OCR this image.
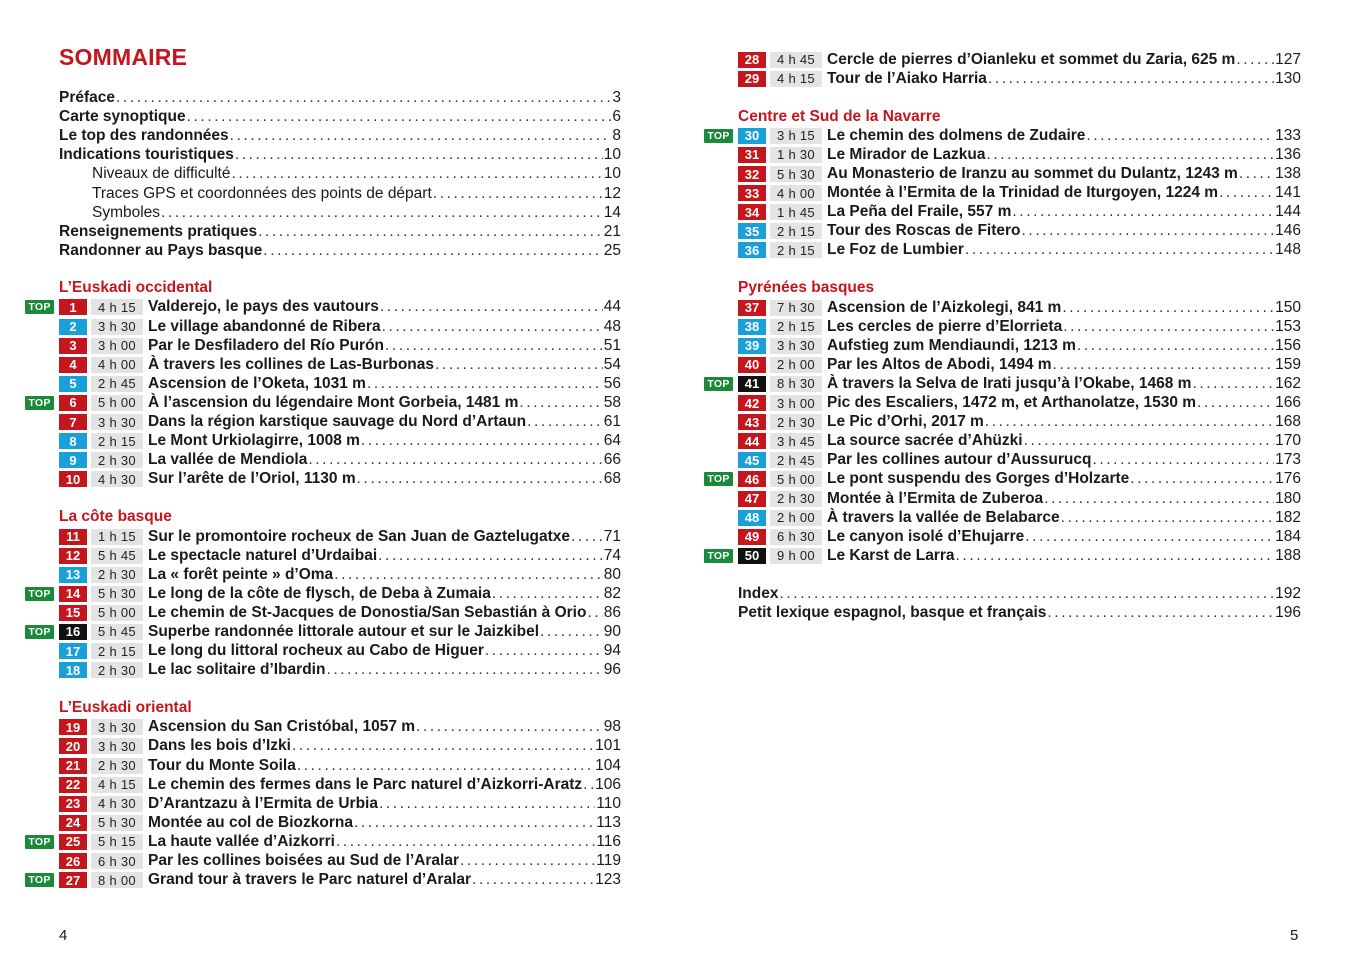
SOMMAIRE
Préface .....	3
Carte synoptique .....	6
Le top des randonnées .....	8
Indications touristiques .....	10
Niveaux de difficulté .....	10
Traces GPS et coordonnées des points de départ .....	12
Symboles .....	14
Renseignements pratiques .....	21
Randonner au Pays basque .....	25
L’Euskadi occidental
TOP	1	4 h 15 Valderejo, le pays des vautours .....	44
2	3 h 30 Le village abandonné de Ribera .....	48
3	3 h 00 Par le Desfiladero del Río Purón .....	51
4	4 h 00 À travers les collines de Las-Burbonas .....	54
5	2 h 45 Ascension de l’Oketa, 1031 m .....	56
TOP	6	5 h 00 À l’ascension du légendaire Mont Gorbeia, 1481 m .....	58
7	3 h 30 Dans la région karstique sauvage du Nord d’Artaun .....	61
8	2 h 15 Le Mont Urkiolagirre, 1008 m .....	64
9	2 h 30 La vallée de Mendiola .....	66
10	4 h 30 Sur l’arête de l’Oriol, 1130 m .....	68
La côte basque
11	1 h 15 Sur le promontoire rocheux de San Juan de Gaztelugatxe ..... 71
12	5 h 45 Le spectacle naturel d’Urdaibai .....	74
13	2 h 30 La « forêt peinte » d’Oma .....	80
TOP	14	5 h 30 Le long de la côte de flysch, de Deba à Zumaia .....	82
15	5 h 00 Le chemin de St-Jacques de Donostia/San Sebastián à Orio ..... 86
TOP	16	5 h 45 Superbe randonnée littorale autour et sur le Jaizkibel .....	90
17	2 h 15 Le long du littoral rocheux au Cabo de Higuer .....	94
18	2 h 30 Le lac solitaire d’Ibardin .....	96
L’Euskadi oriental
19	3 h 30 Ascension du San Cristóbal, 1057 m .....	98
20	3 h 30 Dans les bois d’Izki .....	101
21	2 h 30 Tour du Monte Soila .....	104
22	4 h 15 Le chemin des fermes dans le Parc naturel d’Aizkorri-Aratz ..... 106
23	4 h 30 D’Arantzazu à l’Ermita de Urbia .....	110
24	5 h 30 Montée au col de Biozkorna .....	113
TOP	25	5 h 15 La haute vallée d’Aizkorri .....	116
26	6 h 30 Par les collines boisées au Sud de l’Aralar .....	119
TOP	27	8 h 00 Grand tour à travers le Parc naturel d’Aralar .....	123
4
28	4 h 45 Cercle de pierres d’Oianleku et sommet du Zaria, 625 m .....	127
29	4 h 15 Tour de l’Aiako Harria .....	130
Centre et Sud de la Navarre
TOP	30	3 h 15 Le chemin des dolmens de Zudaire .....	133
31	1 h 30 Le Mirador de Lazkua .....	136
32	5 h 30 Au Monasterio de Iranzu au sommet du Dulantz, 1243 m ..... 138
33	4 h 00 Montée à l’Ermita de la Trinidad de Iturgoyen, 1224 m .....	141
34	1 h 45 La Peña del Fraile, 557 m .....	144
35	2 h 15 Tour des Roscas de Fitero .....	146
36	2 h 15 Le Foz de Lumbier .....	148
Pyrénées basques
37	7 h 30 Ascension de l’Aizkolegi, 841 m .....	150
38	2 h 15 Les cercles de pierre d’Elorrieta .....	153
39	3 h 30 Aufstieg zum Mendiaundi, 1213 m .....	156
40	2 h 00 Par les Altos de Abodi, 1494 m .....	159
TOP	41	8 h 30 À travers la Selva de Irati jusqu’à l’Okabe, 1468 m .....	162
42	3 h 00 Pic des Escaliers, 1472 m, et Arthanolatze, 1530 m .....	166
43	2 h 30 Le Pic d’Orhi, 2017 m .....	168
44	3 h 45 La source sacrée d’Ahüzki .....	170
45	2 h 45 Par les collines autour d’Aussurucq .....	173
TOP	46	5 h 00 Le pont suspendu des Gorges d’Holzarte .....	176
47	2 h 30 Montée à l’Ermita de Zuberoa .....	180
48	2 h 00 À travers la vallée de Belabarce .....	182
49	6 h 30 Le canyon isolé d’Ehujarre .....	184
TOP	50	9 h 00 Le Karst de Larra .....	188
Index .....	192
Petit lexique espagnol, basque et français .....	196
5
